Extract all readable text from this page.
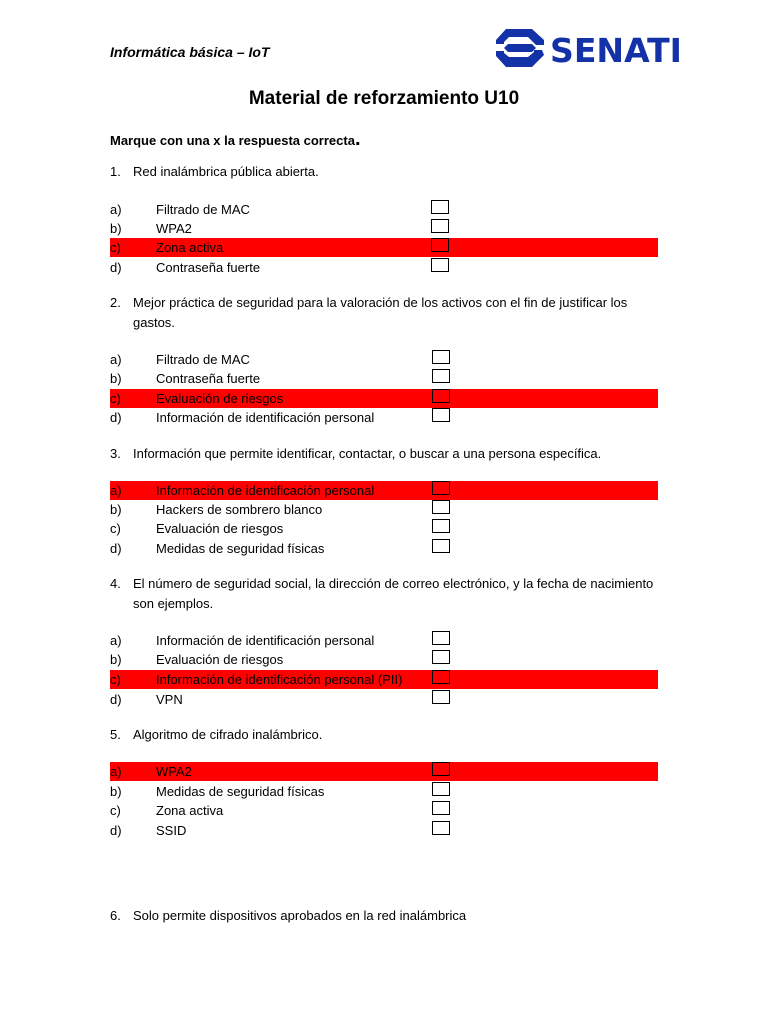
Informática básica – IoT	SENATI
Material de reforzamiento U10
Marque con una x la respuesta correcta.
1. Red inalámbrica pública abierta.
a)	Filtrado de MAC
b)	WPA2
c)	Zona activa
d)	Contraseña fuerte
2. Mejor práctica de seguridad para la valoración de los activos con el fin de justificar los gastos.
a)	Filtrado de MAC
b)	Contraseña fuerte
c)	Evaluación de riesgos
d)	Información de identificación personal
3. Información que permite identificar, contactar, o buscar a una persona específica.
a)	Información de identificación personal
b)	Hackers de sombrero blanco
c)	Evaluación de riesgos
d)	Medidas de seguridad físicas
4. El número de seguridad social, la dirección de correo electrónico, y la fecha de nacimiento son ejemplos.
a)	Información de identificación personal
b)	Evaluación de riesgos
c)	Información de identificación personal (PII)
d)	VPN
5. Algoritmo de cifrado inalámbrico.
a)	WPA2
b)	Medidas de seguridad físicas
c)	Zona activa
d)	SSID
6. Solo permite dispositivos aprobados en la red inalámbrica
